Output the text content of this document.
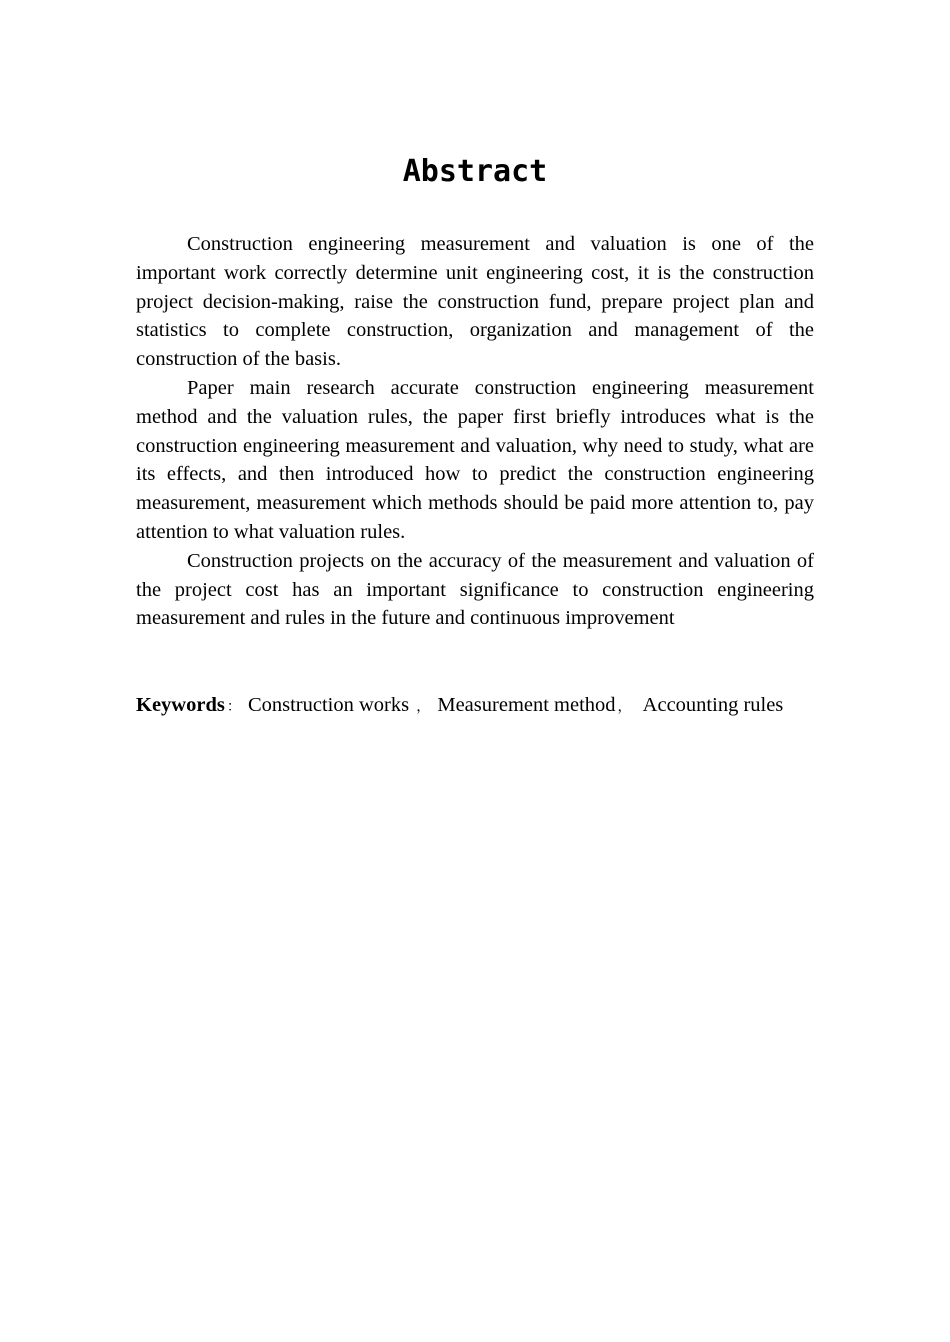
Abstract

Construction engineering measurement and valuation is one of the important work correctly determine unit engineering cost, it is the construction project decision-making, raise the construction fund, prepare project plan and statistics to complete construction, organization and management of the construction of the basis.

Paper main research accurate construction engineering measurement method and the valuation rules, the paper first briefly introduces what is the construction engineering measurement and valuation, why need to study, what are its effects, and then introduced how to predict the construction engineering measurement, measurement which methods should be paid more attention to, pay attention to what valuation rules.

Construction projects on the accuracy of the measurement and valuation of the project cost has an important significance to construction engineering measurement and rules in the future and continuous improvement

Keywords ： Construction works ， Measurement method ， Accounting rules
